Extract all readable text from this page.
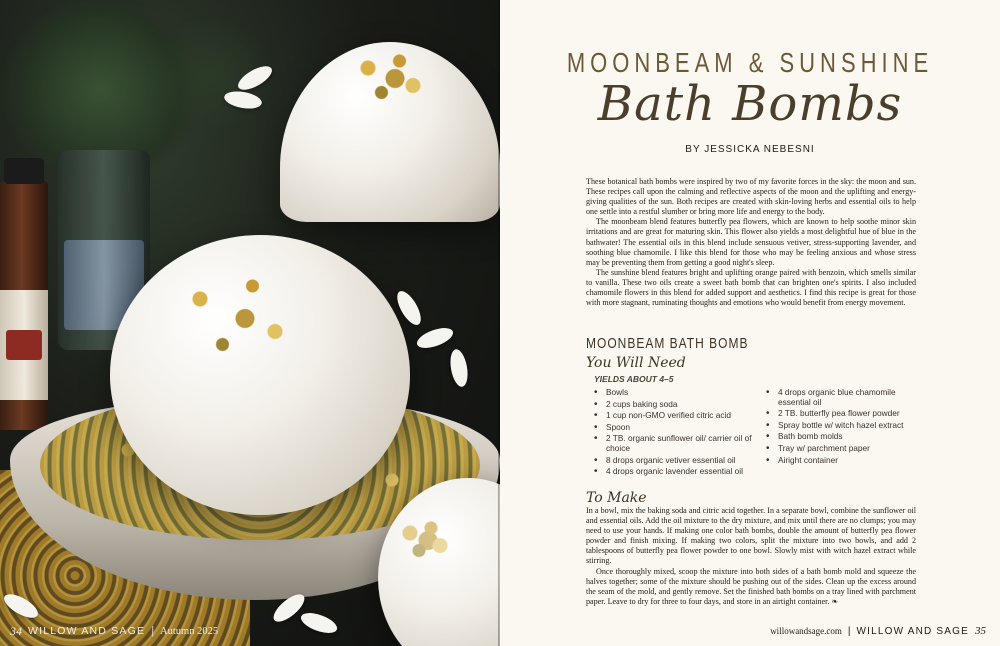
34 WILLOW AND SAGE | Autumn 2025
MOONBEAM & SUNSHINE
Bath Bombs
BY JESSICKA NEBESNI

These botanical bath bombs were inspired by two of my favorite forces in the sky: the moon and sun. These recipes call upon the calming and reflective aspects of the moon and the uplifting and energy-giving qualities of the sun. Both recipes are created with skin-loving herbs and essential oils to help one settle into a restful slumber or bring more life and energy to the body.

The moonbeam blend features butterfly pea flowers, which are known to help soothe minor skin irritations and are great for maturing skin. This flower also yields a most delightful hue of blue in the bathwater! The essential oils in this blend include sensuous vetiver, stress-supporting lavender, and soothing blue chamomile. I like this blend for those who may be feeling anxious and whose stress may be preventing them from getting a good night's sleep.

The sunshine blend features bright and uplifting orange paired with benzoin, which smells similar to vanilla. These two oils create a sweet bath bomb that can brighten one's spirits. I also included chamomile flowers in this blend for added support and aesthetics. I find this recipe is great for those with more stagnant, ruminating thoughts and emotions who would benefit from energy movement.

MOONBEAM BATH BOMB
You Will Need
YIELDS ABOUT 4–5
• Bowls
• 2 cups baking soda
• 1 cup non-GMO verified citric acid
• Spoon
• 2 TB. organic sunflower oil/ carrier oil of choice
• 8 drops organic vetiver essential oil
• 4 drops organic lavender essential oil
• 4 drops organic blue chamomile essential oil
• 2 TB. butterfly pea flower powder
• Spray bottle w/ witch hazel extract
• Bath bomb molds
• Tray w/ parchment paper
• Airight container
To Make

In a bowl, mix the baking soda and citric acid together. In a separate bowl, combine the sunflower oil and essential oils. Add the oil mixture to the dry mixture, and mix until there are no clumps; you may need to use your hands. If making one color bath bombs, double the amount of butterfly pea flower powder and finish mixing. If making two colors, split the mixture into two bowls, and add 2 tablespoons of butterfly pea flower powder to one bowl. Slowly mist with witch hazel extract while stirring.

Once thoroughly mixed, scoop the mixture into both sides of a bath bomb mold and squeeze the halves together; some of the mixture should be pushing out of the sides. Clean up the excess around the seam of the mold, and gently remove. Set the finished bath bombs on a tray lined with parchment paper. Leave to dry for three to four days, and store in an airtight container. ❧

willowandsage.com | WILLOW AND SAGE 35
